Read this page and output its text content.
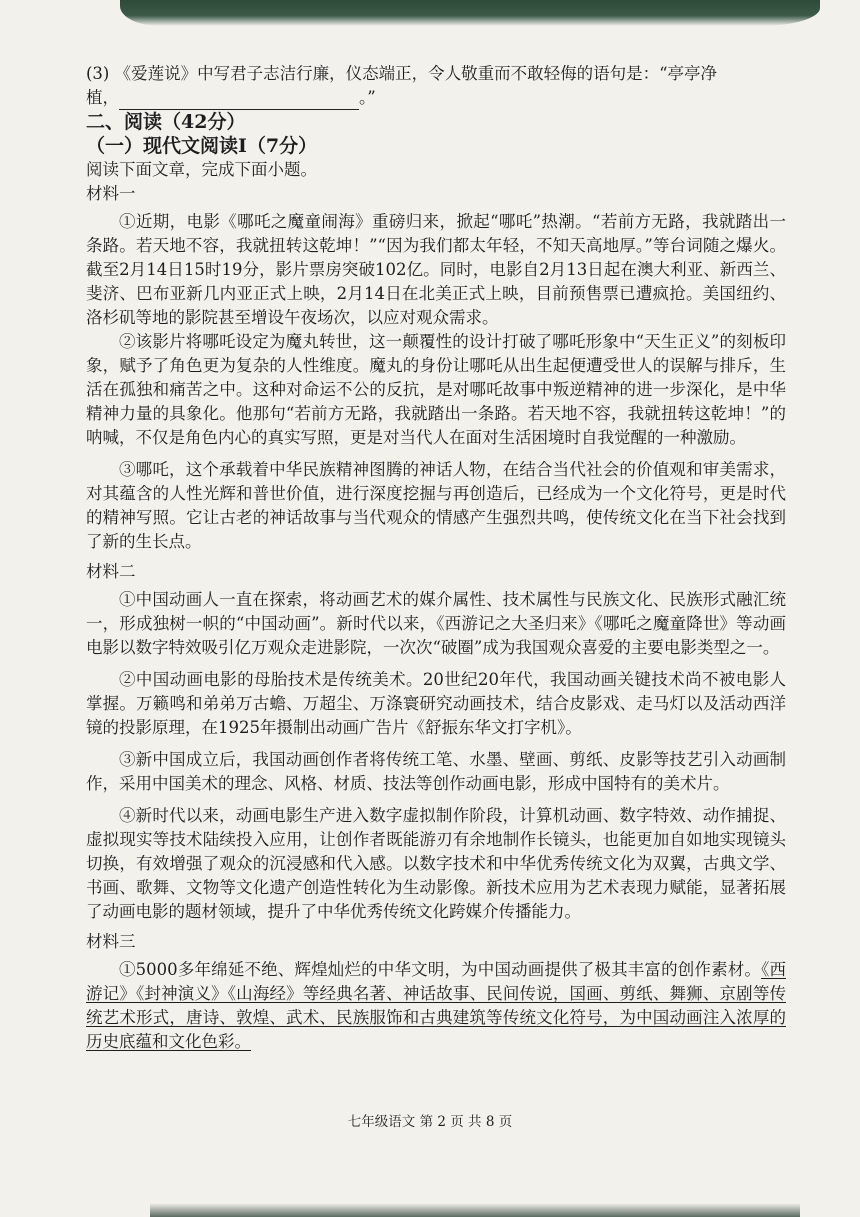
(3) 《爱莲说》中写君子志洁行廉，仪态端正，令人敬重而不敢轻侮的语句是：“亭亭净
植，	。”

二、阅读（42分）

（一）现代文阅读Ⅰ（7分）

阅读下面文章，完成下面小题。
材料一

①近期，电影《哪吒之魔童闹海》重磅归来，掀起“哪吒”热潮。“若前方无路，我就踏出一条路。若天地不容，我就扭转这乾坤！”“因为我们都太年轻，不知天高地厚。”等台词随之爆火。截至2月14日15时19分，影片票房突破102亿。同时，电影自2月13日起在澳大利亚、新西兰、斐济、巴布亚新几内亚正式上映，2月14日在北美正式上映，目前预售票已遭疯抢。美国纽约、洛杉矶等地的影院甚至增设午夜场次，以应对观众需求。

②该影片将哪吒设定为魔丸转世，这一颠覆性的设计打破了哪吒形象中“天生正义”的刻板印象，赋予了角色更为复杂的人性维度。魔丸的身份让哪吒从出生起便遭受世人的误解与排斥，生活在孤独和痛苦之中。这种对命运不公的反抗，是对哪吒故事中叛逆精神的进一步深化，是中华精神力量的具象化。他那句“若前方无路，我就踏出一条路。若天地不容，我就扭转这乾坤！”的呐喊，不仅是角色内心的真实写照，更是对当代人在面对生活困境时自我觉醒的一种激励。

③哪吒，这个承载着中华民族精神图腾的神话人物，在结合当代社会的价值观和审美需求，对其蕴含的人性光辉和普世价值，进行深度挖掘与再创造后，已经成为一个文化符号，更是时代的精神写照。它让古老的神话故事与当代观众的情感产生强烈共鸣，使传统文化在当下社会找到了新的生长点。

材料二

①中国动画人一直在探索，将动画艺术的媒介属性、技术属性与民族文化、民族形式融汇统一，形成独树一帜的“中国动画”。新时代以来，《西游记之大圣归来》《哪吒之魔童降世》等动画电影以数字特效吸引亿万观众走进影院，一次次“破圈”成为我国观众喜爱的主要电影类型之一。

②中国动画电影的母胎技术是传统美术。20世纪20年代，我国动画关键技术尚不被电影人掌握。万籁鸣和弟弟万古蟾、万超尘、万涤寰研究动画技术，结合皮影戏、走马灯以及活动西洋镜的投影原理，在1925年摄制出动画广告片《舒振东华文打字机》。

③新中国成立后，我国动画创作者将传统工笔、水墨、壁画、剪纸、皮影等技艺引入动画制作，采用中国美术的理念、风格、材质、技法等创作动画电影，形成中国特有的美术片。

④新时代以来，动画电影生产进入数字虚拟制作阶段，计算机动画、数字特效、动作捕捉、虚拟现实等技术陆续投入应用，让创作者既能游刃有余地制作长镜头，也能更加自如地实现镜头切换，有效增强了观众的沉浸感和代入感。以数字技术和中华优秀传统文化为双翼，古典文学、书画、歌舞、文物等文化遗产创造性转化为生动影像。新技术应用为艺术表现力赋能，显著拓展了动画电影的题材领域，提升了中华优秀传统文化跨媒介传播能力。

材料三

①5000多年绵延不绝、辉煌灿烂的中华文明，为中国动画提供了极其丰富的创作素材。《西游记》《封神演义》《山海经》等经典名著、神话故事、民间传说，国画、剪纸、舞狮、京剧等传统艺术形式，唐诗、敦煌、武术、民族服饰和古典建筑等传统文化符号，为中国动画注入浓厚的历史底蕴和文化色彩。

七年级语文 第 2 页 共 8 页
